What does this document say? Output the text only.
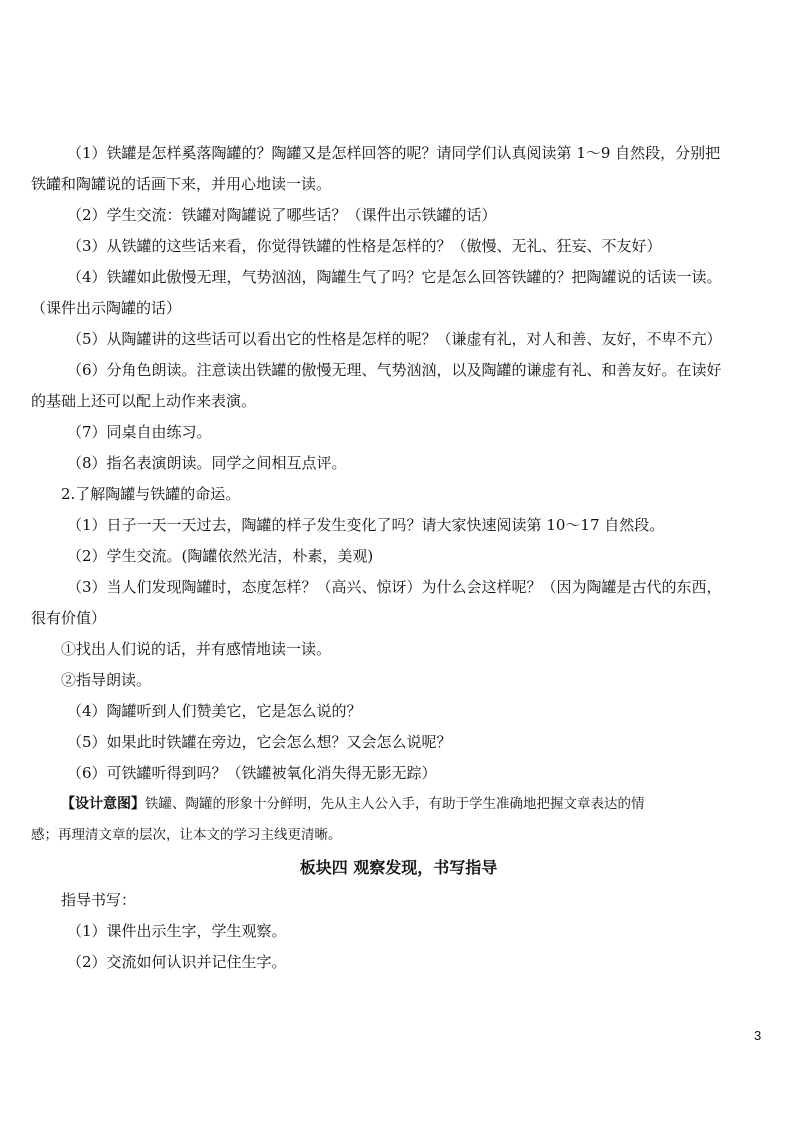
（1）铁罐是怎样奚落陶罐的？陶罐又是怎样回答的呢？请同学们认真阅读第 1～9 自然段，分别把

铁罐和陶罐说的话画下来，并用心地读一读。

（2）学生交流：铁罐对陶罐说了哪些话？（课件出示铁罐的话）

（3）从铁罐的这些话来看，你觉得铁罐的性格是怎样的？（傲慢、无礼、狂妄、不友好）

（4）铁罐如此傲慢无理，气势汹汹，陶罐生气了吗？它是怎么回答铁罐的？把陶罐说的话读一读。

（课件出示陶罐的话）

（5）从陶罐讲的这些话可以看出它的性格是怎样的呢？（谦虚有礼，对人和善、友好，不卑不亢）

（6）分角色朗读。注意读出铁罐的傲慢无理、气势汹汹，以及陶罐的谦虚有礼、和善友好。在读好

的基础上还可以配上动作来表演。

（7）同桌自由练习。

（8）指名表演朗读。同学之间相互点评。

2.了解陶罐与铁罐的命运。

（1）日子一天一天过去，陶罐的样子发生变化了吗？请大家快速阅读第 10～17 自然段。

（2）学生交流。(陶罐依然光洁，朴素，美观)

（3）当人们发现陶罐时，态度怎样？（高兴、惊讶）为什么会这样呢？（因为陶罐是古代的东西，

很有价值）

①找出人们说的话，并有感情地读一读。

②指导朗读。

（4）陶罐听到人们赞美它，它是怎么说的？

（5）如果此时铁罐在旁边，它会怎么想？又会怎么说呢？

（6）可铁罐听得到吗？（铁罐被氧化消失得无影无踪）

【设计意图】铁罐、陶罐的形象十分鲜明，先从主人公入手，有助于学生准确地把握文章表达的情

感；再理清文章的层次，让本文的学习主线更清晰。

板块四 观察发现，书写指导

指导书写：

（1）课件出示生字，学生观察。

（2）交流如何认识并记住生字。

3
